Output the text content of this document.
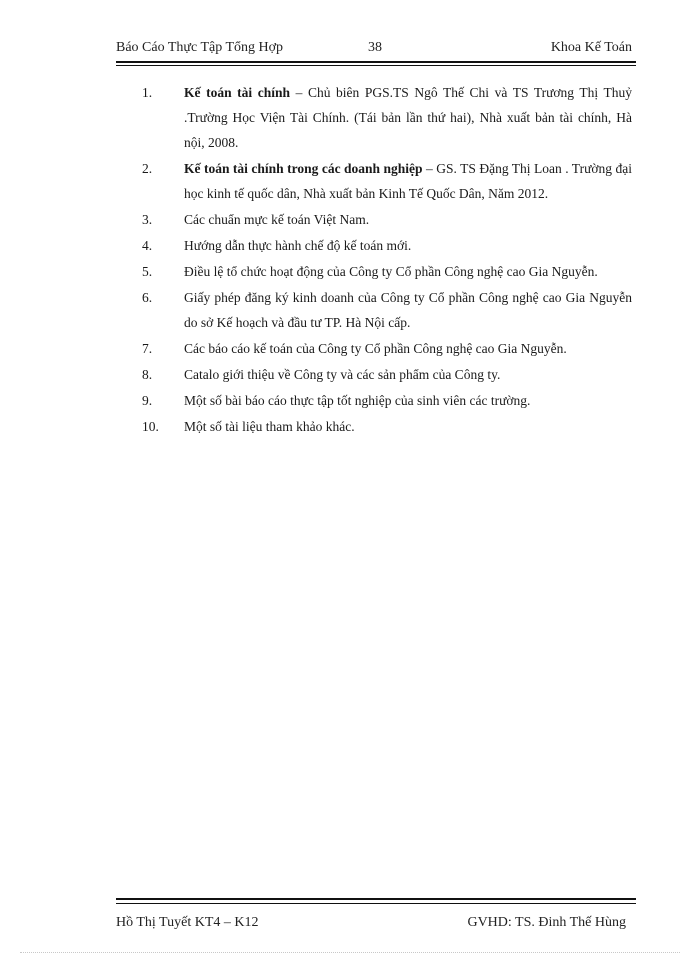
Báo Cáo Thực Tập Tổng Hợp	38	Khoa Kế Toán
1.	Kế toán tài chính – Chủ biên PGS.TS Ngô Thế Chi và TS Trương Thị Thuỷ .Trường Học Viện Tài Chính. (Tái bản lần thứ hai), Nhà xuất bản tài chính, Hà nội, 2008.
2.	Kế toán tài chính trong các doanh nghiệp – GS. TS Đặng Thị Loan . Trường đại học kinh tế quốc dân, Nhà xuất bản Kinh Tế Quốc Dân, Năm 2012.
3.	Các chuẩn mực kế toán Việt Nam.
4.	Hướng dẫn thực hành chế độ kế toán mới.
5.	Điều lệ tổ chức hoạt động của Công ty Cổ phần Công nghệ cao Gia Nguyễn.
6.	Giấy phép đăng ký kinh doanh của Công ty Cổ phần Công nghệ cao Gia Nguyễn do sở Kế hoạch và đầu tư TP. Hà Nội cấp.
7.	Các báo cáo kế toán của Công ty Cổ phần Công nghệ cao Gia Nguyễn.
8.	Catalo giới thiệu về Công ty và các sản phẩm của Công ty.
9.	Một số bài báo cáo thực tập tốt nghiệp của sinh viên các trường.
10.	Một số tài liệu tham khảo khác.
Hồ Thị Tuyết KT4 – K12	GVHD: TS. Đinh Thế Hùng
